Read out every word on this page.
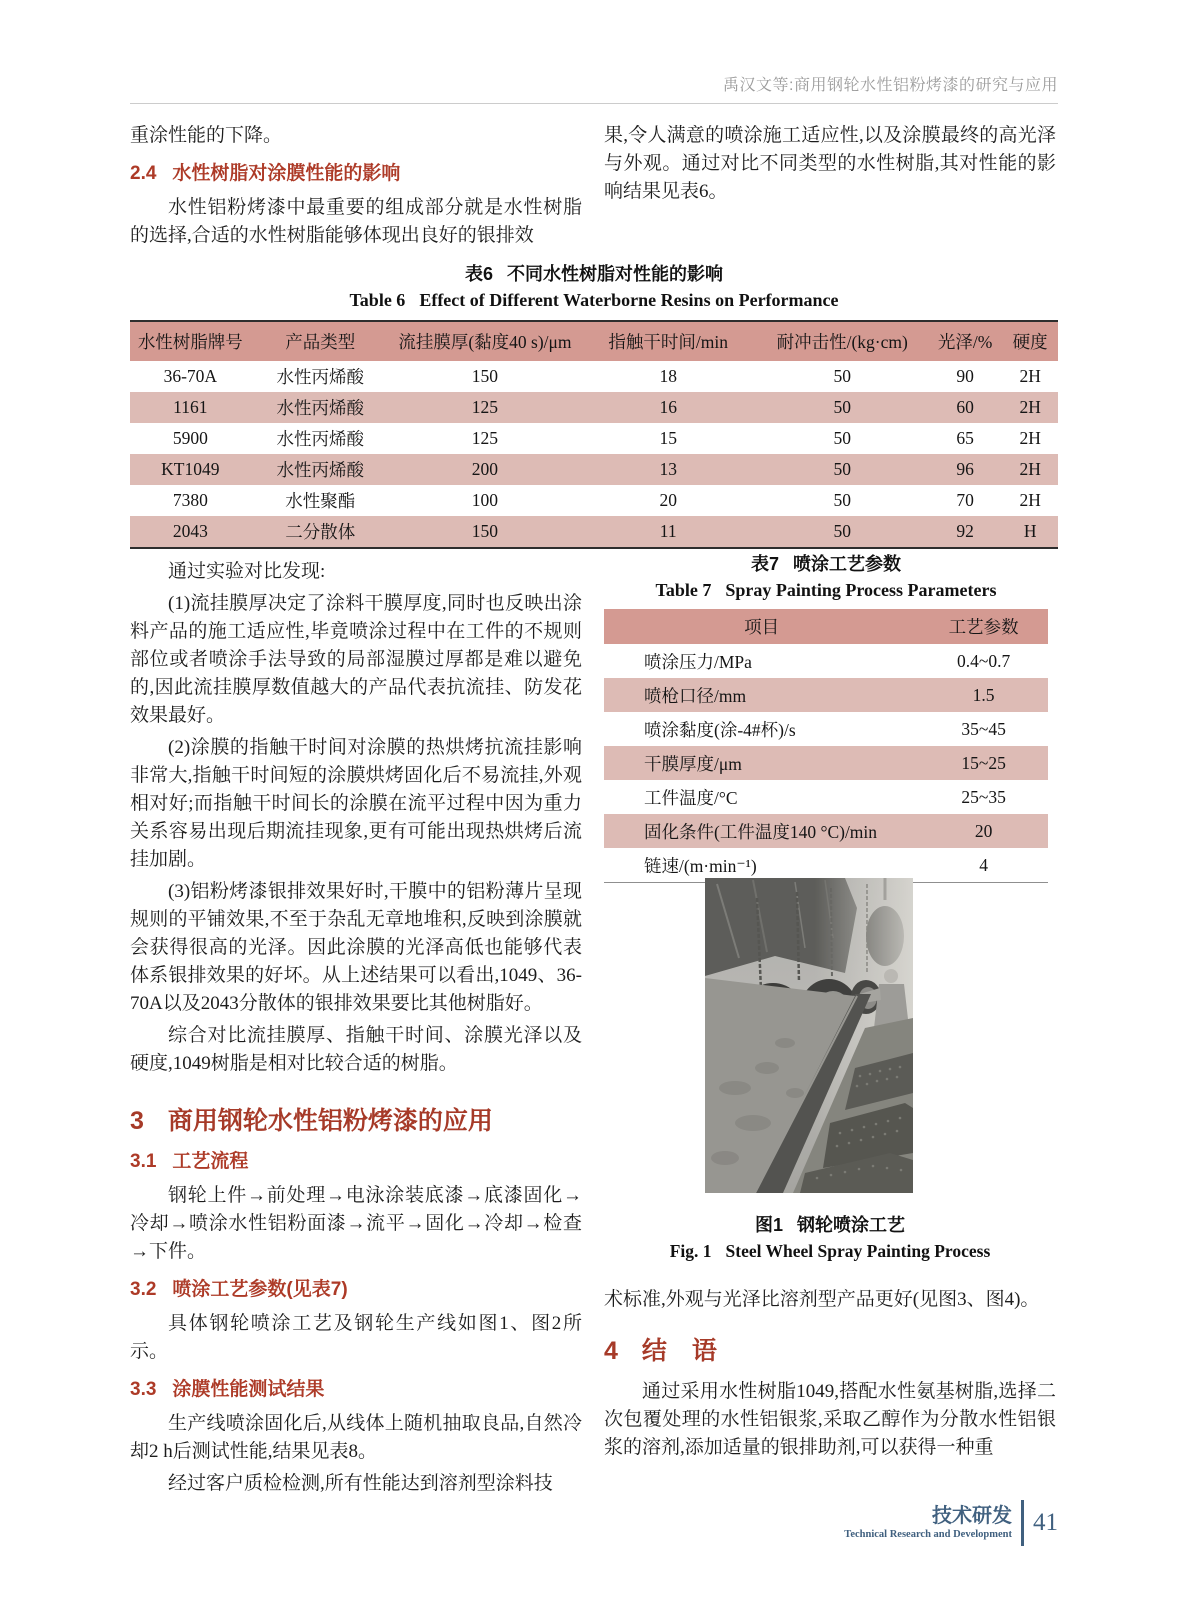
禹汉文等:商用钢轮水性铝粉烤漆的研究与应用

重涂性能的下降。

2.4 水性树脂对涂膜性能的影响

水性铝粉烤漆中最重要的组成部分就是水性树脂的选择,合适的水性树脂能够体现出良好的银排效

果,令人满意的喷涂施工适应性,以及涂膜最终的高光泽与外观。通过对比不同类型的水性树脂,其对性能的影响结果见表6。

表6 不同水性树脂对性能的影响
Table 6 Effect of Different Waterborne Resins on Performance
水性树脂牌号	产品类型	流挂膜厚(黏度40 s)/μm	指触干时间/min	耐冲击性/(kg·cm)	光泽/%	硬度
36-70A	水性丙烯酸	150	18	50	90	2H
1161	水性丙烯酸	125	16	50	60	2H
5900	水性丙烯酸	125	15	50	65	2H
KT1049	水性丙烯酸	200	13	50	96	2H
7380	水性聚酯	100	20	50	70	2H
2043	二分散体	150	11	50	92	H

通过实验对比发现:

(1)流挂膜厚决定了涂料干膜厚度,同时也反映出涂料产品的施工适应性,毕竟喷涂过程中在工件的不规则部位或者喷涂手法导致的局部湿膜过厚都是难以避免的,因此流挂膜厚数值越大的产品代表抗流挂、防发花效果最好。

(2)涂膜的指触干时间对涂膜的热烘烤抗流挂影响非常大,指触干时间短的涂膜烘烤固化后不易流挂,外观相对好;而指触干时间长的涂膜在流平过程中因为重力关系容易出现后期流挂现象,更有可能出现热烘烤后流挂加剧。

(3)铝粉烤漆银排效果好时,干膜中的铝粉薄片呈现规则的平铺效果,不至于杂乱无章地堆积,反映到涂膜就会获得很高的光泽。因此涂膜的光泽高低也能够代表体系银排效果的好坏。从上述结果可以看出,1049、36-70A以及2043分散体的银排效果要比其他树脂好。

综合对比流挂膜厚、指触干时间、涂膜光泽以及硬度,1049树脂是相对比较合适的树脂。

3 商用钢轮水性铝粉烤漆的应用
3.1 工艺流程

钢轮上件→前处理→电泳涂装底漆→底漆固化→冷却→喷涂水性铝粉面漆→流平→固化→冷却→检查→下件。

3.2 喷涂工艺参数(见表7)

具体钢轮喷涂工艺及钢轮生产线如图1、图2所示。

3.3 涂膜性能测试结果

生产线喷涂固化后,从线体上随机抽取良品,自然冷却2 h后测试性能,结果见表8。

经过客户质检检测,所有性能达到溶剂型涂料技

表7 喷涂工艺参数
Table 7 Spray Painting Process Parameters
项目	工艺参数
喷涂压力/MPa	0.4~0.7
喷枪口径/mm	1.5
喷涂黏度(涂-4#杯)/s	35~45
干膜厚度/μm	15~25
工件温度/°C	25~35
固化条件(工件温度140 °C)/min	20
链速/(m·min⁻¹)	4
图1 钢轮喷涂工艺
Fig. 1 Steel Wheel Spray Painting Process

术标准,外观与光泽比溶剂型产品更好(见图3、图4)。

4 结　语

通过采用水性树脂1049,搭配水性氨基树脂,选择二次包覆处理的水性铝银浆,采取乙醇作为分散水性铝银浆的溶剂,添加适量的银排助剂,可以获得一种重

技术研发
Technical Research and Development 41
